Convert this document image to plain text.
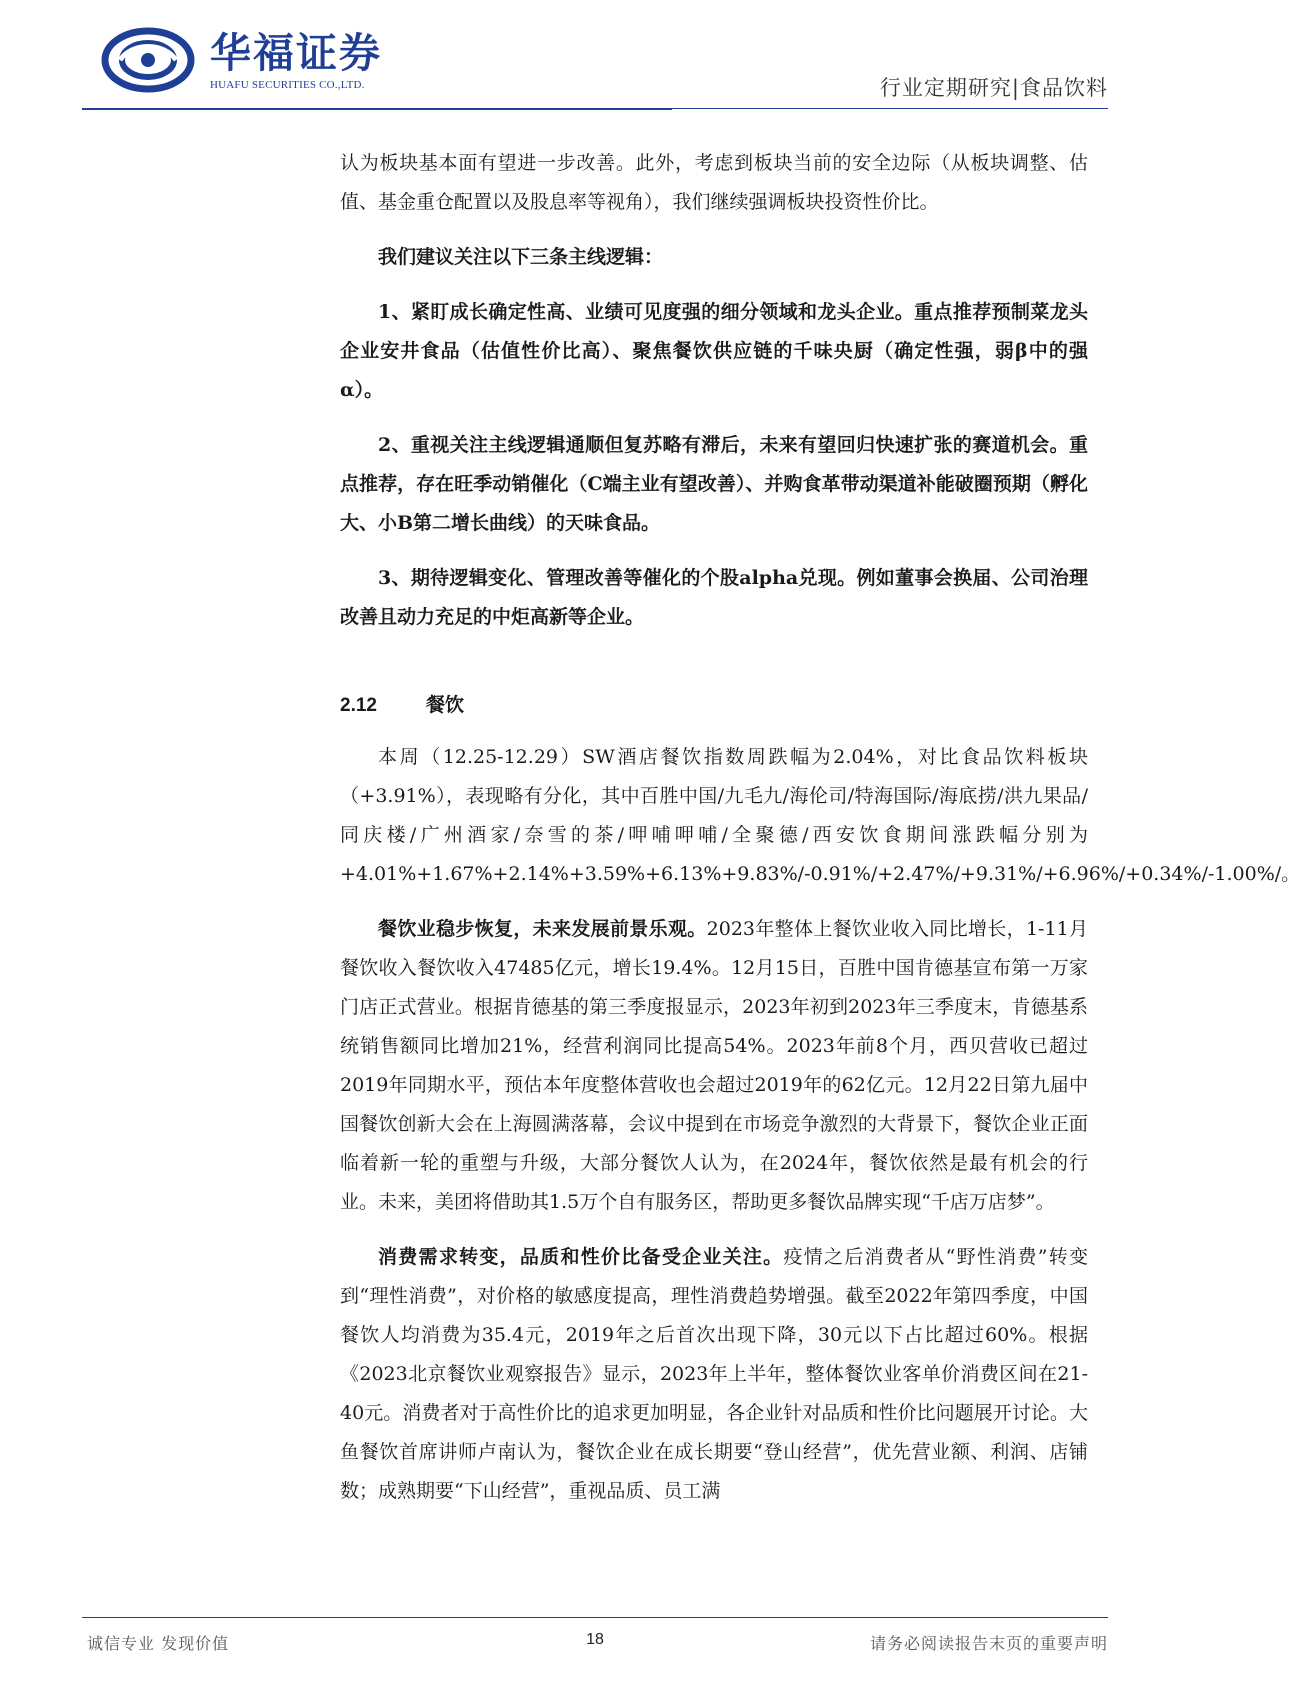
华福证券
HUAFU SECURITIES CO.,LTD.	行业定期研究|食品饮料

认为板块基本面有望进一步改善。此外，考虑到板块当前的安全边际（从板块调整、估值、基金重仓配置以及股息率等视角），我们继续强调板块投资性价比。

我们建议关注以下三条主线逻辑：

1、紧盯成长确定性高、业绩可见度强的细分领域和龙头企业。重点推荐预制菜龙头企业安井食品（估值性价比高）、聚焦餐饮供应链的千味央厨（确定性强，弱β中的强α）。

2、重视关注主线逻辑通顺但复苏略有滞后，未来有望回归快速扩张的赛道机会。重点推荐，存在旺季动销催化（C端主业有望改善）、并购食革带动渠道补能破圈预期（孵化大、小B第二增长曲线）的天味食品。

3、期待逻辑变化、管理改善等催化的个股alpha兑现。例如董事会换届、公司治理改善且动力充足的中炬高新等企业。

2.12	餐饮

本周（12.25-12.29）SW酒店餐饮指数周跌幅为2.04%，对比食品饮料板块（+3.91%），表现略有分化，其中百胜中国/九毛九/海伦司/特海国际/海底捞/洪九果品/同庆楼/广州酒家/奈雪的茶/呷哺呷哺/全聚德/西安饮食期间涨跌幅分别为+4.01%+1.67%+2.14%+3.59%+6.13%+9.83%/-0.91%/+2.47%/+9.31%/+6.96%/+0.34%/-1.00%/。

餐饮业稳步恢复，未来发展前景乐观。2023年整体上餐饮业收入同比增长，1-11月餐饮收入餐饮收入47485亿元，增长19.4%。12月15日，百胜中国肯德基宣布第一万家门店正式营业。根据肯德基的第三季度报显示，2023年初到2023年三季度末，肯德基系统销售额同比增加21%，经营利润同比提高54%。2023年前8个月，西贝营收已超过2019年同期水平，预估本年度整体营收也会超过2019年的62亿元。12月22日第九届中国餐饮创新大会在上海圆满落幕，会议中提到在市场竞争激烈的大背景下，餐饮企业正面临着新一轮的重塑与升级，大部分餐饮人认为，在2024年，餐饮依然是最有机会的行业。未来，美团将借助其1.5万个自有服务区，帮助更多餐饮品牌实现“千店万店梦”。

消费需求转变，品质和性价比备受企业关注。疫情之后消费者从“野性消费”转变到“理性消费”，对价格的敏感度提高，理性消费趋势增强。截至2022年第四季度，中国餐饮人均消费为35.4元，2019年之后首次出现下降，30元以下占比超过60%。根据《2023北京餐饮业观察报告》显示，2023年上半年，整体餐饮业客单价消费区间在21-40元。消费者对于高性价比的追求更加明显，各企业针对品质和性价比问题展开讨论。大鱼餐饮首席讲师卢南认为，餐饮企业在成长期要“登山经营”，优先营业额、利润、店铺数；成熟期要“下山经营”，重视品质、员工满

诚信专业 发现价值	18	请务必阅读报告末页的重要声明
